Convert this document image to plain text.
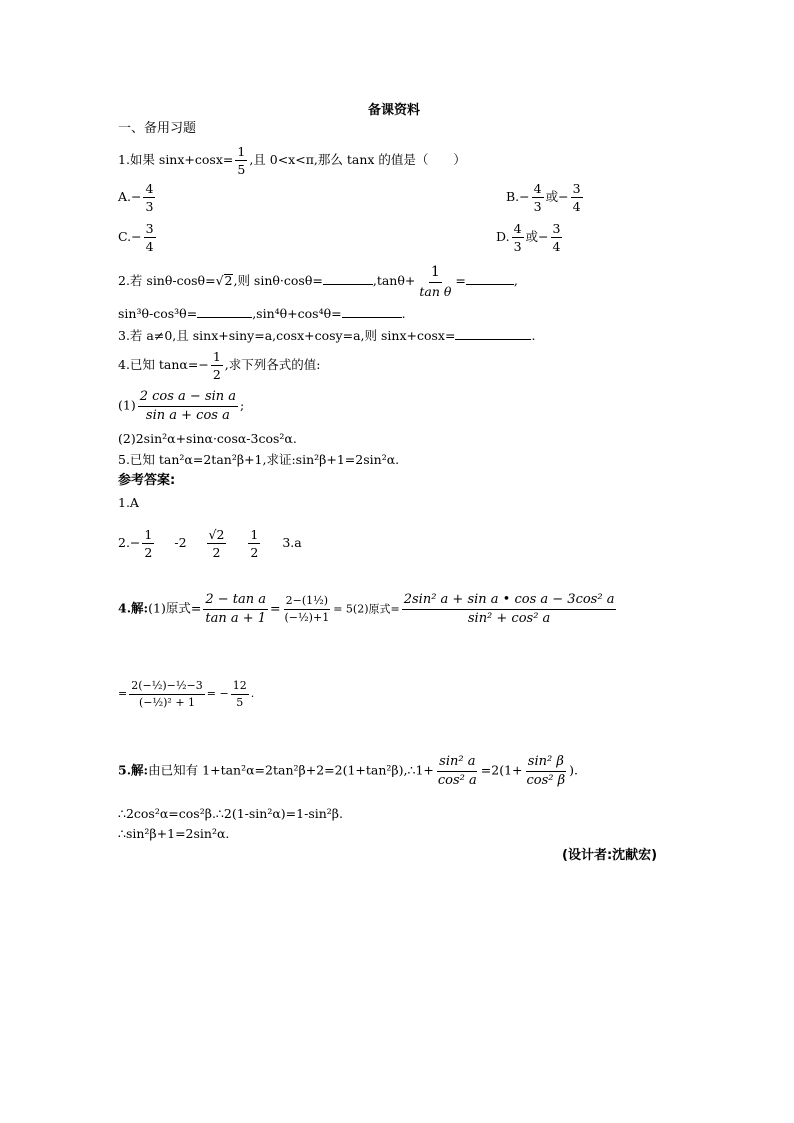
备课资料
一、备用习题
1.如果 $\sin x+\cos x= \frac{1}{5}$ ,且 0<x<π,那么 tanx 的值是（　　）
$A.- \frac{4}{3}$	$B.- \frac{4}{3}$ 或− $\frac{3}{4}$
$C.- \frac{3}{4}$	D. $\frac{4}{3}$ 或− $\frac{3}{4}$
2.若 sinθ-cosθ=√2,则 sinθ·cosθ=	$,\tan\theta+ \frac{1}{\text{tan θ}}$ =	,
sin³θ-cos³θ=	,sin⁴θ+cos⁴θ=	.
3.若 a≠0,且 sinx+siny=a,cosx+cosy=a,则 sinx+cosx=	.
4.已知 $\tan\alpha=- \frac{1}{2}$ ,求下列各式的值:
$(1) \frac{\text{2 cos a − sin a}}{\text{sin a + cos a}}$ ;
(2)2sin²α+sinα·cosα-3cos²α.
5.已知 tan²α=2tan²β+1,求证:sin²β+1=2sin²α.
参考答案:
1.A
$2.- \frac{1}{2} -2 \frac{√2}{2}$
$\frac{1}{2} 3.a$
4.解:(1)原式= $\frac{\text{2 − tan a}}{\text{tan a + 1}} = \frac{\text{2−(1½)}}{\text{(−½)+1}} = 5(2)$原式= $\frac{\text{2sin² a + sin a • cos a − 3cos² a}}{\text{sin² + cos² a}}$
= $\frac{\text{2(−½)−½−3}}{\text{(−½)² + 1}}$ = − $\frac{12}{5}$ .
5.解:由已知有 1+tan²α=2tan²β+2=2(1+tan²β),∴1+ $\frac{\text{sin² a}}{\text{cos² a}} =2(1+ \frac{\text{sin² β}}{\text{cos² β}}$ ).
∴2cos²α=cos²β.∴2(1-sin²α)=1-sin²β.
∴sin²β+1=2sin²α.
(设计者:沈献宏)
